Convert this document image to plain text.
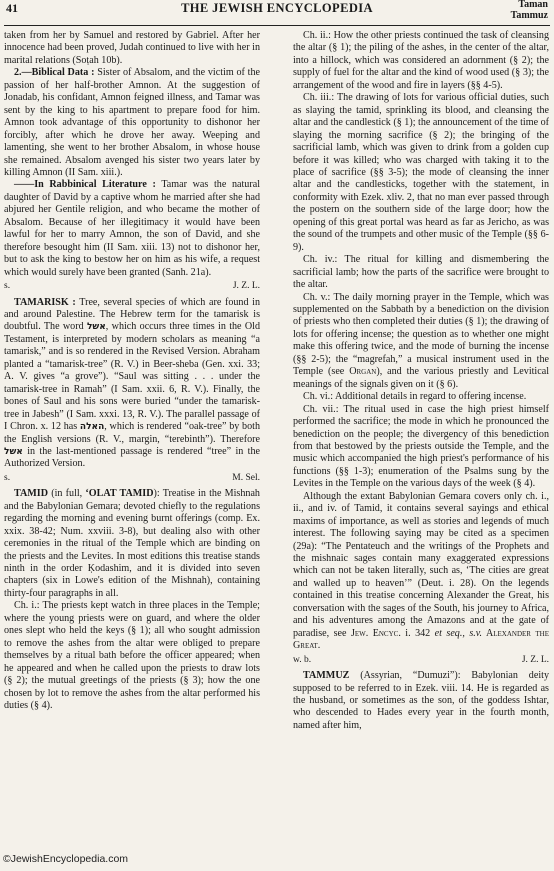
41	THE JEWISH ENCYCLOPEDIA	Taman
Tammuz

taken from her by Samuel and restored by Gabriel. After her innocence had been proved, Judah continued to live with her in marital relations (Soṭah 10b).

2.—Biblical Data : Sister of Absalom, and the victim of the passion of her half-brother Amnon. At the suggestion of Jonadab, his confidant, Amnon feigned illness, and Tamar was sent by the king to his apartment to prepare food for him. Amnon took advantage of this opportunity to dishonor her forcibly, after which he drove her away. Weeping and lamenting, she went to her brother Absalom, in whose house she remained. Absalom avenged his sister two years later by killing Amnon (II Sam. xiii.).

——In Rabbinical Literature : Tamar was the natural daughter of David by a captive whom he married after she had abjured her Gentile religion, and who became the mother of Absalom. Because of her illegitimacy it would have been lawful for her to marry Amnon, the son of David, and she therefore besought him (II Sam. xiii. 13) not to dishonor her, but to ask the king to bestow her on him as his wife, a request which would surely have been granted (Sanh. 21a).

s.	J. Z. L.

TAMARISK : Tree, several species of which are found in and around Palestine. The Hebrew term for the tamarisk is doubtful. The word אשל, which occurs three times in the Old Testament, is interpreted by modern scholars as meaning “a tamarisk,” and is so rendered in the Revised Version. Abraham planted a “tamarisk-tree” (R. V.) in Beer-sheba (Gen. xxi. 33; A. V. gives “a grove”). “Saul was sitting . . . under the tamarisk-tree in Ramah” (I Sam. xxii. 6, R. V.). Finally, the bones of Saul and his sons were buried “under the tamarisk-tree in Jabesh” (I Sam. xxxi. 13, R. V.). The parallel passage of I Chron. x. 12 has האלה, which is rendered “oak-tree” by both the English versions (R. V., margin, “terebinth”). Therefore אשל in the last-mentioned passage is rendered “tree” in the Authorized Version.

s.	M. Sel.

TAMID (in full, ‘OLAT TAMID): Treatise in the Mishnah and the Babylonian Gemara; devoted chiefly to the regulations regarding the morning and evening burnt offerings (comp. Ex. xxix. 38-42; Num. xxviii. 3-8), but dealing also with other ceremonies in the ritual of the Temple which are binding on the priests and the Levites. In most editions this treatise stands ninth in the order Ḳodashim, and it is divided into seven chapters (six in Lowe's edition of the Mishnah), containing thirty-four paragraphs in all.

Ch. i.: The priests kept watch in three places in the Temple; where the young priests were on guard, and where the older ones slept who held the keys (§ 1); all who sought admission to remove the ashes from the altar were obliged to prepare themselves by a ritual bath before the officer appeared; when he appeared and when he called upon the priests to draw lots (§ 2); the mutual greetings of the priests (§ 3); how the one chosen by lot to remove the ashes from the altar performed his duties (§ 4).

Ch. ii.: How the other priests continued the task of cleansing the altar (§ 1); the piling of the ashes, in the center of the altar, into a hillock, which was considered an adornment (§ 2); the supply of fuel for the altar and the kind of wood used (§ 3); the arrangement of the wood and fire in layers (§§ 4-5).

Ch. iii.: The drawing of lots for various official duties, such as slaying the tamid, sprinkling its blood, and cleansing the altar and the candlestick (§ 1); the announcement of the time of slaying the morning sacrifice (§ 2); the bringing of the sacrificial lamb, which was given to drink from a golden cup before it was killed; who was charged with taking it to the place of sacrifice (§§ 3-5); the mode of cleansing the inner altar and the candlesticks, together with the statement, in conformity with Ezek. xliv. 2, that no man ever passed through the postern on the southern side of the large door; how the opening of this great portal was heard as far as Jericho, as was the sound of the trumpets and other music of the Temple (§§ 6-9).

Ch. iv.: The ritual for killing and dismembering the sacrificial lamb; how the parts of the sacrifice were brought to the altar.

Ch. v.: The daily morning prayer in the Temple, which was supplemented on the Sabbath by a benediction on the division of priests who then completed their duties (§ 1); the drawing of lots for offering incense; the question as to whether one might make this offering twice, and the mode of burning the incense (§§ 2-5); the “magrefah,” a musical instrument used in the Temple (see Organ), and the various priestly and Levitical meanings of the signals given on it (§ 6).

Ch. vi.: Additional details in regard to offering incense.

Ch. vii.: The ritual used in case the high priest himself performed the sacrifice; the mode in which he pronounced the benediction on the people; the divergency of this benediction from that bestowed by the priests outside the Temple, and the music which accompanied the high priest's performance of his functions (§§ 1-3); enumeration of the Psalms sung by the Levites in the Temple on the various days of the week (§ 4).

Although the extant Babylonian Gemara covers only ch. i., ii., and iv. of Tamid, it contains several sayings and ethical maxims of importance, as well as stories and legends of much interest. The following saying may be cited as a specimen (29a): “The Pentateuch and the writings of the Prophets and the mishnaic sages contain many exaggerated expressions which can not be taken literally, such as, ‘The cities are great and walled up to heaven’” (Deut. i. 28). On the legends contained in this treatise concerning Alexander the Great, his conversation with the sages of the South, his journey to Africa, and his adventures among the Amazons and at the gate of paradise, see Jew. Encyc. i. 342 et seq., s.v. Alexander the Great.

w. b.	J. Z. L.

TAMMUZ (Assyrian, “Dumuzi”): Babylonian deity supposed to be referred to in Ezek. viii. 14. He is regarded as the husband, or sometimes as the son, of the goddess Ishtar, who descended to Hades every year in the fourth month, named after him,

©JewishEncyclopedia.com
